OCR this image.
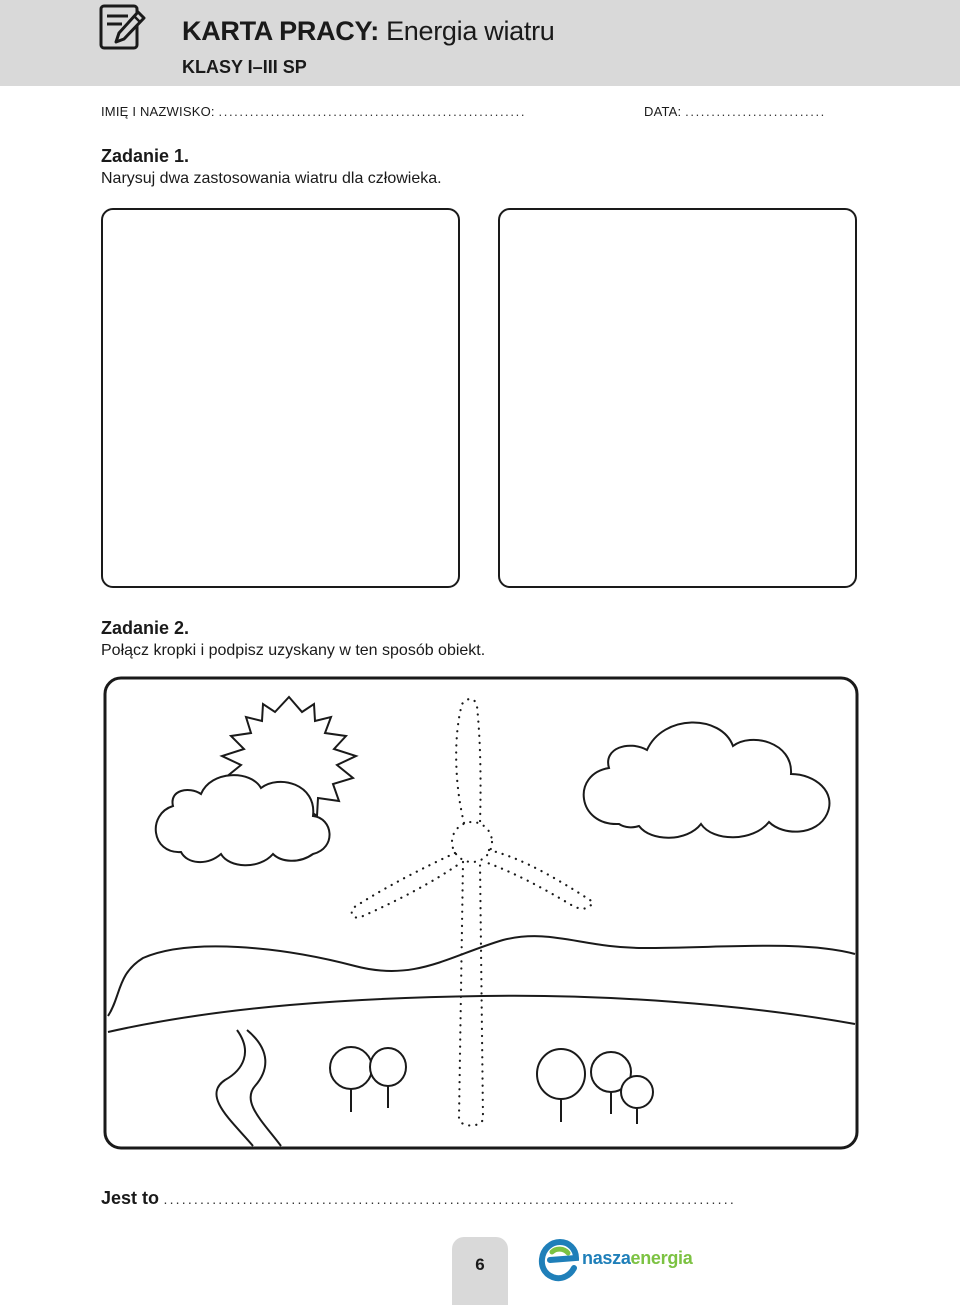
KARTA PRACY: Energia wiatru
KLASY I–III SP
IMIĘ I NAZWISKO: ...........................................................	DATA: ...........................
Zadanie 1.
Narysuj dwa zastosowania wiatru dla człowieka.
Zadanie 2.
Połącz kropki i podpisz uzyskany w ten sposób obiekt.
Jest to ..............................................................................................
6	naszaenergia
